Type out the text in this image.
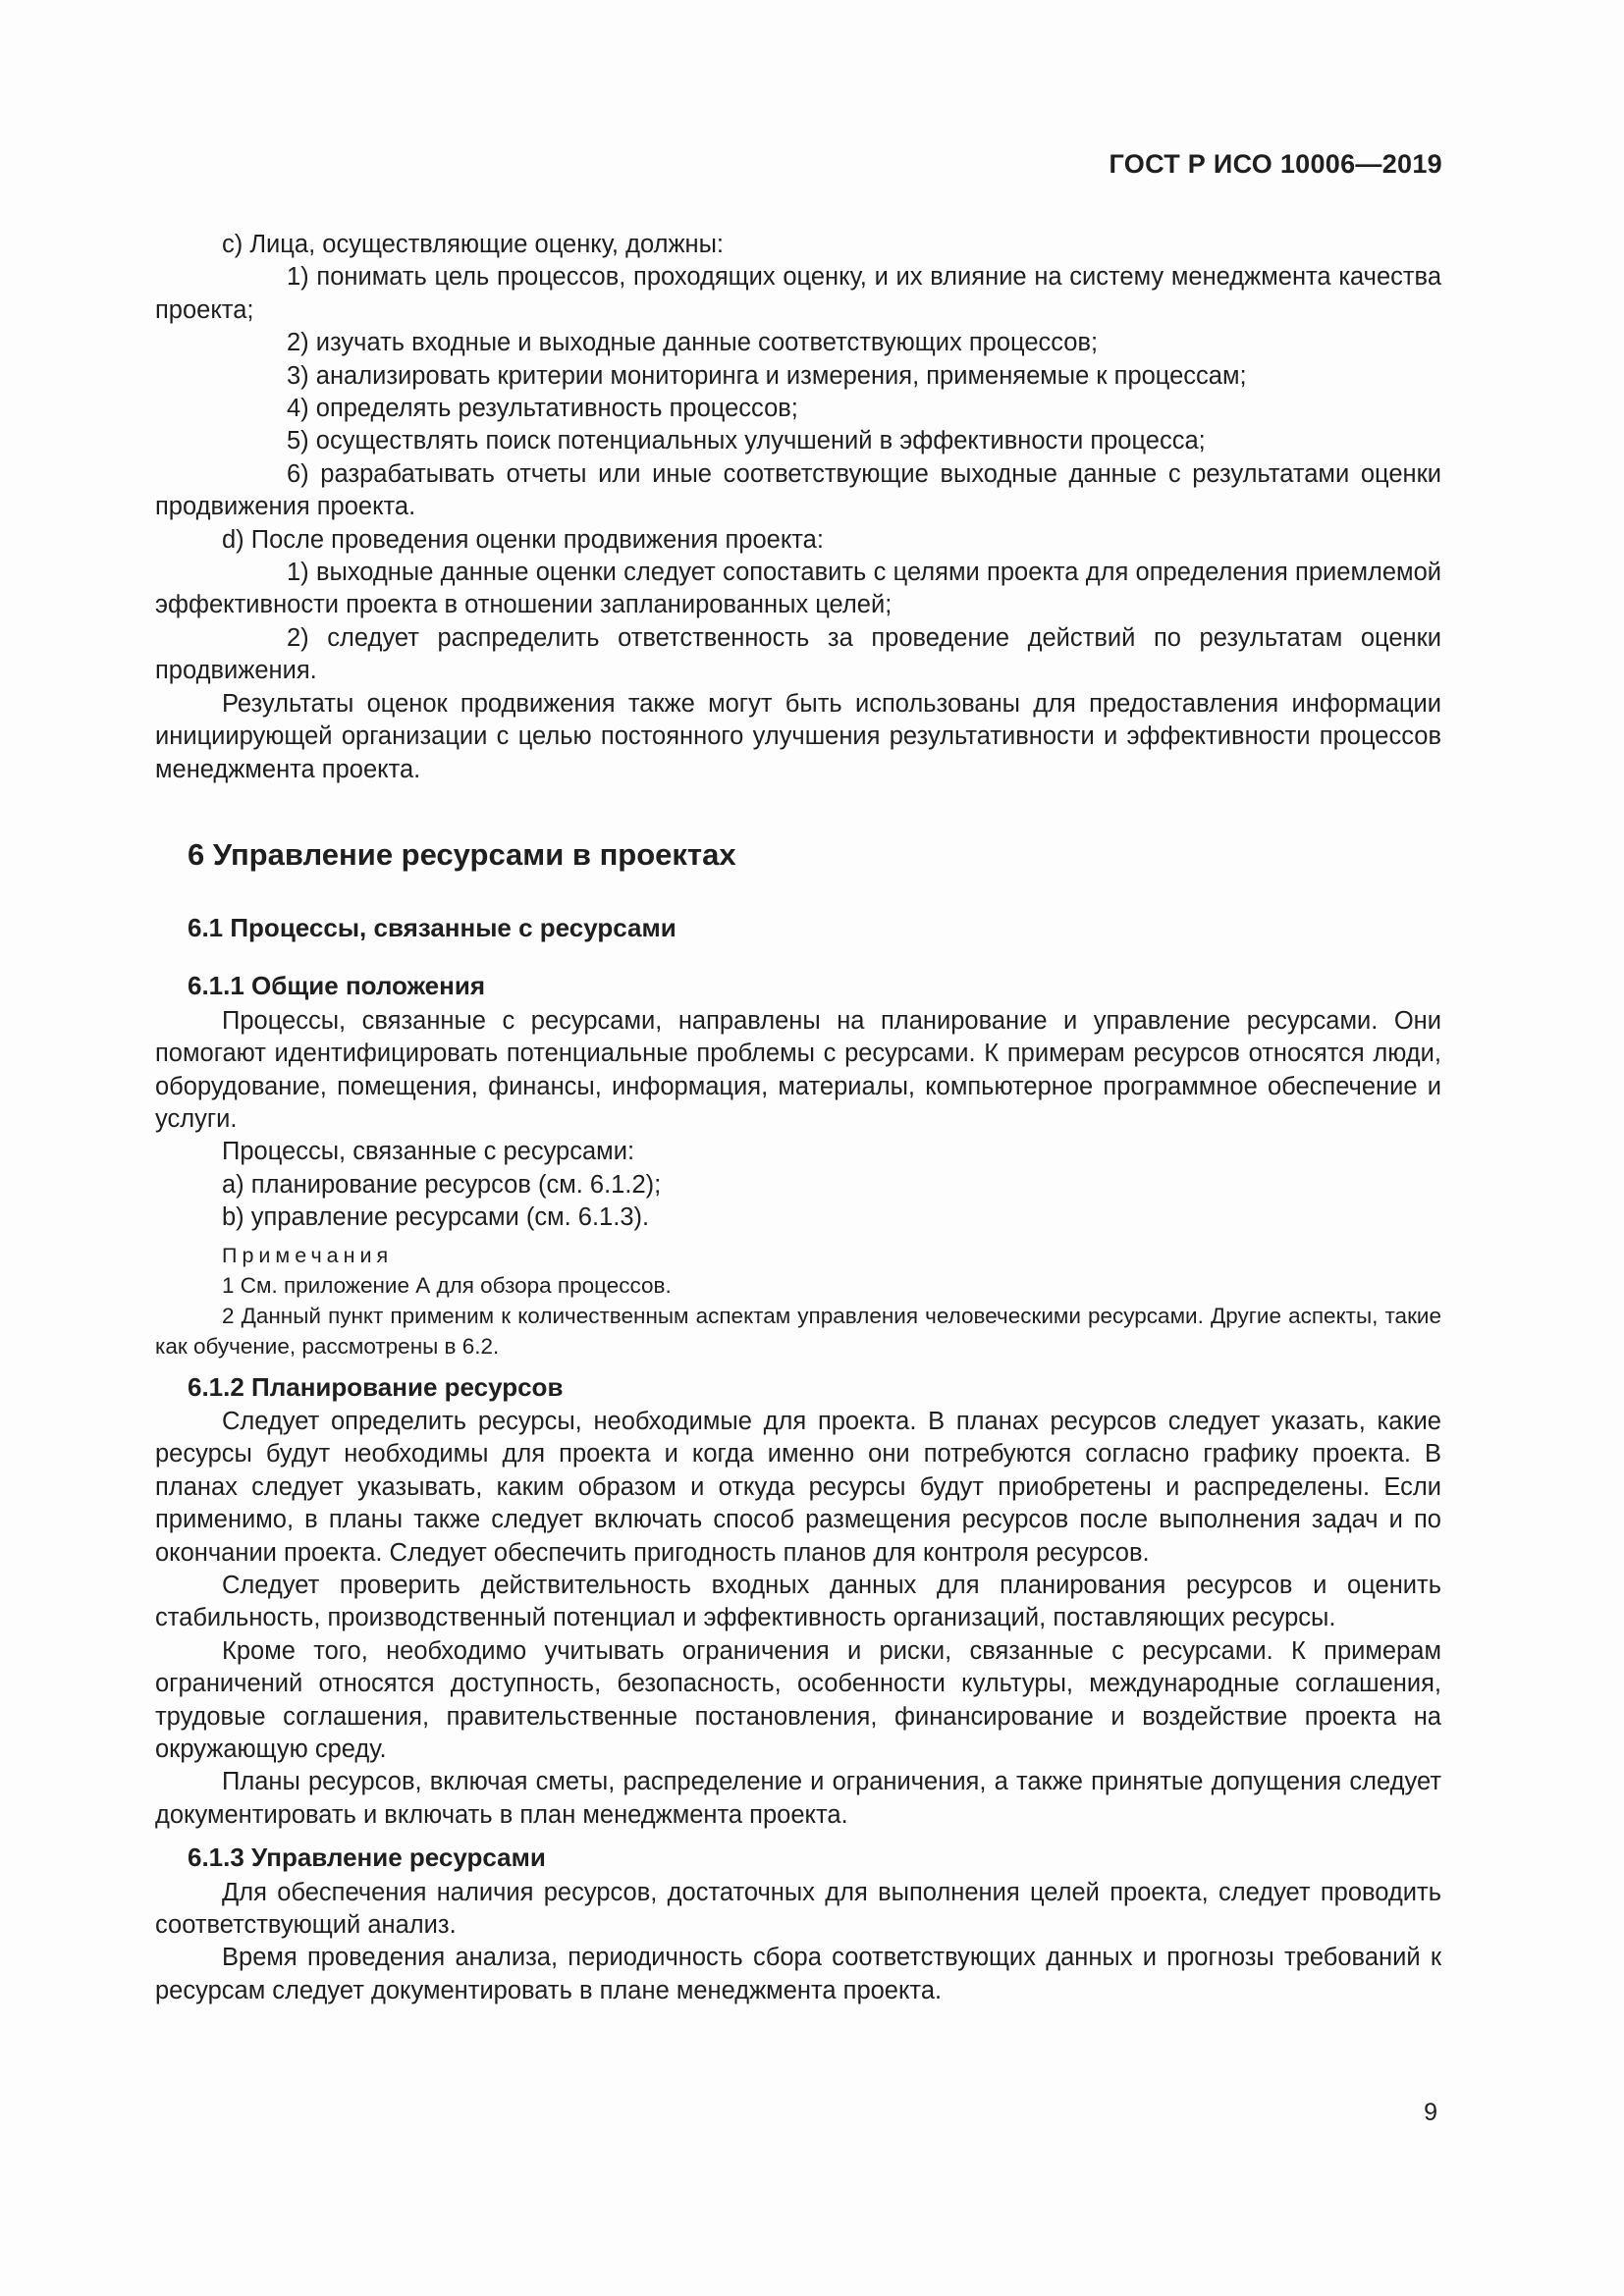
ГОСТ Р ИСО 10006—2019

c) Лица, осуществляющие оценку, должны:

1) понимать цель процессов, проходящих оценку, и их влияние на систему менеджмента качества проекта;

2) изучать входные и выходные данные соответствующих процессов;

3) анализировать критерии мониторинга и измерения, применяемые к процессам;

4) определять результативность процессов;

5) осуществлять поиск потенциальных улучшений в эффективности процесса;

6) разрабатывать отчеты или иные соответствующие выходные данные с результатами оценки продвижения проекта.

d) После проведения оценки продвижения проекта:

1) выходные данные оценки следует сопоставить с целями проекта для определения приемлемой эффективности проекта в отношении запланированных целей;

2) следует распределить ответственность за проведение действий по результатам оценки продвижения.

Результаты оценок продвижения также могут быть использованы для предоставления информации инициирующей организации с целью постоянного улучшения результативности и эффективности процессов менеджмента проекта.

6 Управление ресурсами в проектах

6.1 Процессы, связанные с ресурсами

6.1.1 Общие положения

Процессы, связанные с ресурсами, направлены на планирование и управление ресурсами. Они помогают идентифицировать потенциальные проблемы с ресурсами. К примерам ресурсов относятся люди, оборудование, помещения, финансы, информация, материалы, компьютерное программное обеспечение и услуги.

Процессы, связанные с ресурсами:

a) планирование ресурсов (см. 6.1.2);

b) управление ресурсами (см. 6.1.3).

Примечания

1 См. приложение А для обзора процессов.

2 Данный пункт применим к количественным аспектам управления человеческими ресурсами. Другие аспекты, такие как обучение, рассмотрены в 6.2.

6.1.2 Планирование ресурсов

Следует определить ресурсы, необходимые для проекта. В планах ресурсов следует указать, какие ресурсы будут необходимы для проекта и когда именно они потребуются согласно графику проекта. В планах следует указывать, каким образом и откуда ресурсы будут приобретены и распределены. Если применимо, в планы также следует включать способ размещения ресурсов после выполнения задач и по окончании проекта. Следует обеспечить пригодность планов для контроля ресурсов.

Следует проверить действительность входных данных для планирования ресурсов и оценить стабильность, производственный потенциал и эффективность организаций, поставляющих ресурсы.

Кроме того, необходимо учитывать ограничения и риски, связанные с ресурсами. К примерам ограничений относятся доступность, безопасность, особенности культуры, международные соглашения, трудовые соглашения, правительственные постановления, финансирование и воздействие проекта на окружающую среду.

Планы ресурсов, включая сметы, распределение и ограничения, а также принятые допущения следует документировать и включать в план менеджмента проекта.

6.1.3 Управление ресурсами

Для обеспечения наличия ресурсов, достаточных для выполнения целей проекта, следует проводить соответствующий анализ.

Время проведения анализа, периодичность сбора соответствующих данных и прогнозы требований к ресурсам следует документировать в плане менеджмента проекта.

9
